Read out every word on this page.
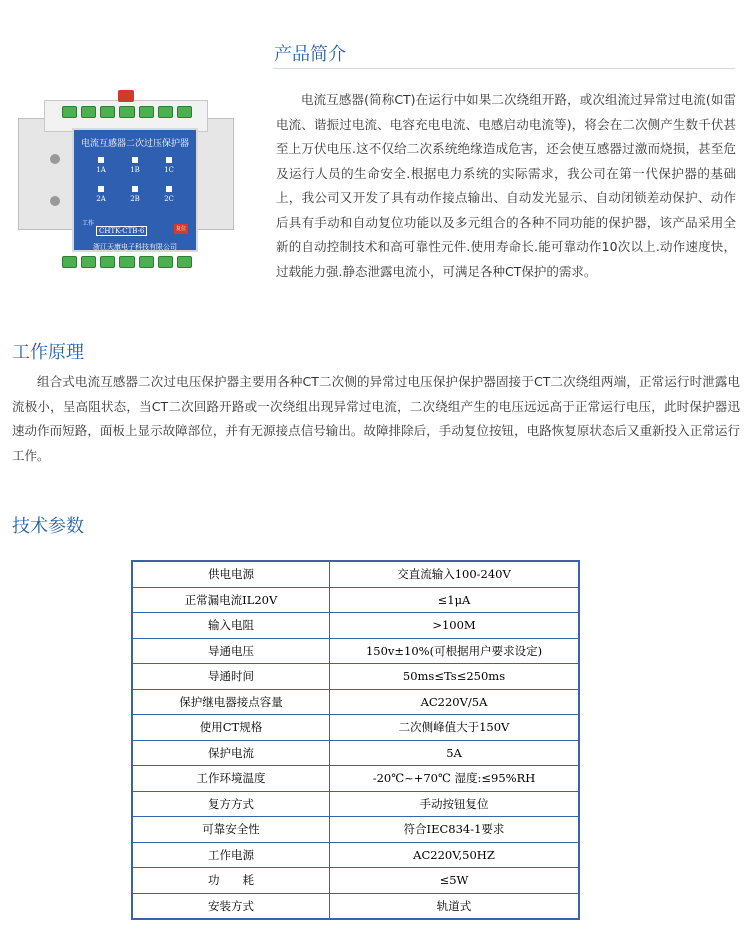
电流互感器二次过压保护器
1A	1B	1C
2A	2B	2C
工作
CHTK-CTB-6	复位
浙江天康电子科技有限公司
产品简介

电流互感器(简称CT)在运行中如果二次绕组开路，或次组流过异常过电流(如雷电流、谐振过电流、电容充电电流、电感启动电流等)，将会在二次侧产生数千伏甚至上万伏电压.这不仅给二次系统绝缘造成危害，还会使互感器过激而烧损，甚至危及运行人员的生命安全.根据电力系统的实际需求，我公司在第一代保护器的基础上，我公司又开发了具有动作接点输出、自动发光显示、自动闭锁差动保护、动作后具有手动和自动复位功能以及多元组合的各种不同功能的保护器，该产品采用全新的自动控制技术和高可靠性元件.使用寿命长.能可靠动作10次以上.动作速度快，过载能力强.静态泄露电流小，可满足各种CT保护的需求。

工作原理

组合式电流互感器二次过电压保护器主要用各种CT二次侧的异常过电压保护保护器固接于CT二次绕组两端，正常运行时泄露电流极小，呈高阻状态，当CT二次回路开路或一次绕组出现异常过电流，二次绕组产生的电压远远高于正常运行电压，此时保护器迅速动作而短路，面板上显示故障部位，并有无源接点信号输出。故障排除后，手动复位按钮，电路恢复原状态后又重新投入正常运行工作。

技术参数
供电电源	交直流输入100-240V
正常漏电流IL20V	≤1μA
输入电阻	>100M
导通电压	150v±10%(可根据用户要求设定)
导通时间	50ms≤Ts≤250ms
保护继电器接点容量	AC220V/5A
使用CT规格	二次侧峰值大于150V
保护电流	5A
工作环境温度	-20℃~+70℃ 湿度:≤95%RH
复方方式	手动按钮复位
可靠安全性	符合IEC834-1要求
工作电源	AC220V,50HZ
功　　耗	≤5W
安装方式	轨道式
